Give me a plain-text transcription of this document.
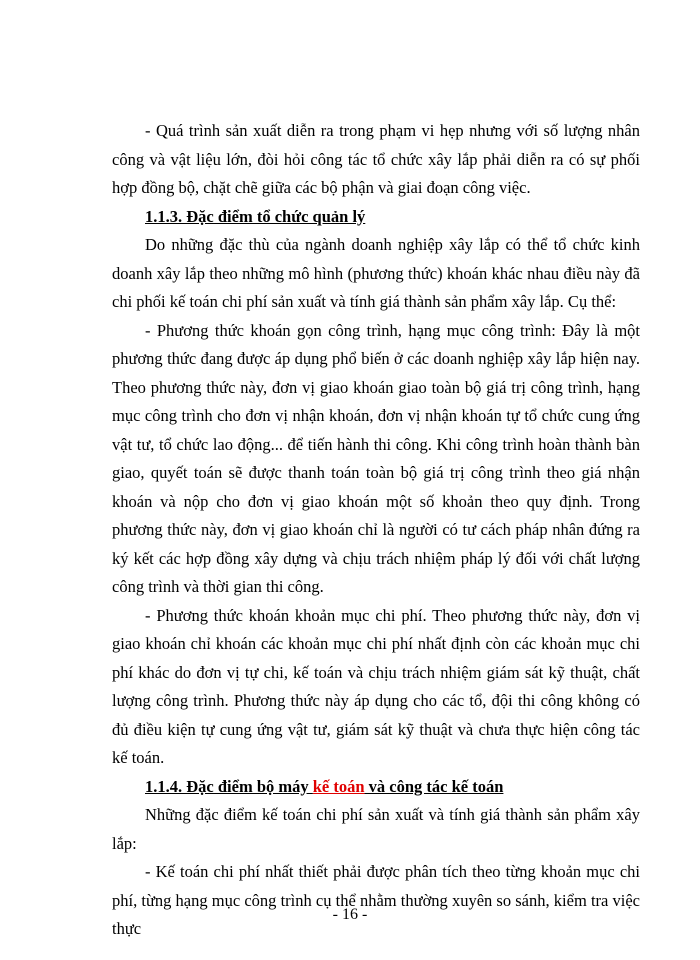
- Quá trình sản xuất diễn ra trong phạm vi hẹp nhưng với số lượng nhân công và vật liệu lớn, đòi hỏi công tác tổ chức xây lắp phải diễn ra có sự phối hợp đồng bộ, chặt chẽ giữa các bộ phận và giai đoạn công việc.

1.1.3. Đặc điểm tổ chức quản lý

Do những đặc thù của ngành doanh nghiệp xây lắp có thể tổ chức kinh doanh xây lắp theo những mô hình (phương thức) khoán khác nhau điều này đã chi phối kế toán chi phí sản xuất và tính giá thành sản phẩm xây lắp. Cụ thể:

- Phương thức khoán gọn công trình, hạng mục công trình: Đây là một phương thức đang được áp dụng phổ biến ở các doanh nghiệp xây lắp hiện nay. Theo phương thức này, đơn vị giao khoán giao toàn bộ giá trị công trình, hạng mục công trình cho đơn vị nhận khoán, đơn vị nhận khoán tự tổ chức cung ứng vật tư, tổ chức lao động... để tiến hành thi công. Khi công trình hoàn thành bàn giao, quyết toán sẽ được thanh toán toàn bộ giá trị công trình theo giá nhận khoán và nộp cho đơn vị giao khoán một số khoản theo quy định. Trong phương thức này, đơn vị giao khoán chỉ là người có tư cách pháp nhân đứng ra ký kết các hợp đồng xây dựng và chịu trách nhiệm pháp lý đối với chất lượng công trình và thời gian thi công.

- Phương thức khoán khoản mục chi phí. Theo phương thức này, đơn vị giao khoán chỉ khoán các khoản mục chi phí nhất định còn các khoản mục chi phí khác do đơn vị tự chi, kế toán và chịu trách nhiệm giám sát kỹ thuật, chất lượng công trình. Phương thức này áp dụng cho các tổ, đội thi công không có đủ điều kiện tự cung ứng vật tư, giám sát kỹ thuật và chưa thực hiện công tác kế toán.

1.1.4. Đặc điểm bộ máy kế toán và công tác kế toán

Những đặc điểm kế toán chi phí sản xuất và tính giá thành sản phẩm xây lắp:

- Kế toán chi phí nhất thiết phải được phân tích theo từng khoản mục chi phí, từng hạng mục công trình cụ thể nhằm thường xuyên so sánh, kiểm tra việc thực

- 16 -
